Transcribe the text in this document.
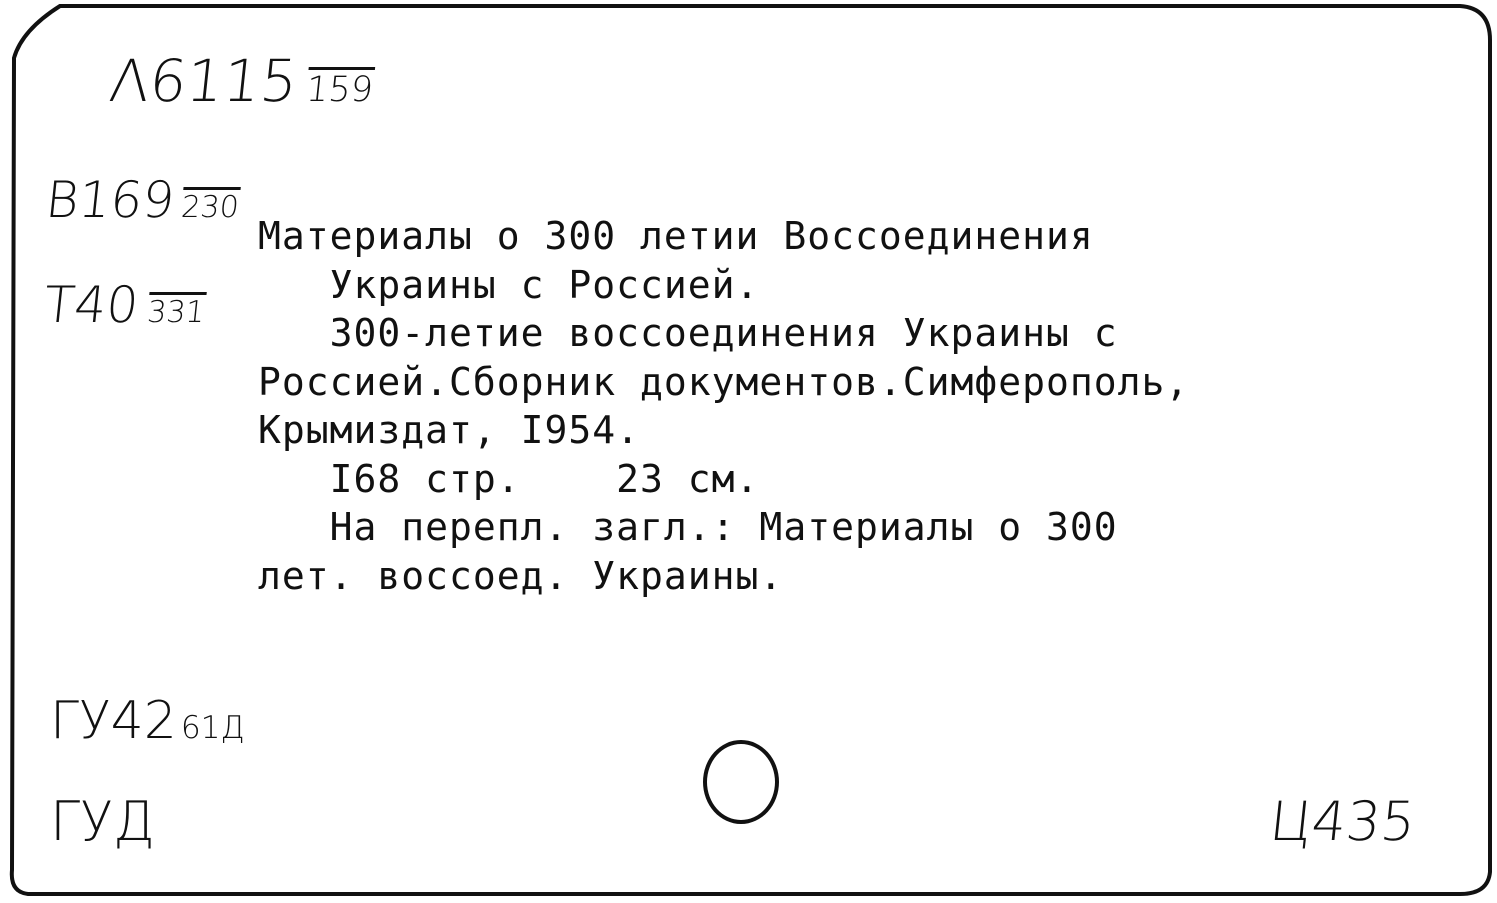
Λ6115159
B169230
T40 331
Материалы о 300 летии Воссоединения
Украины с Россией.
300-летие воссоединения Украины с
Россией.Сборник документов.Симферополь,
Крымиздат, I954.
I68 стр.    23 см.
На перепл. загл.: Материалы о 300
лет. воссоед. Украины.
ГУ42 61Д
ГУД	Ц435
